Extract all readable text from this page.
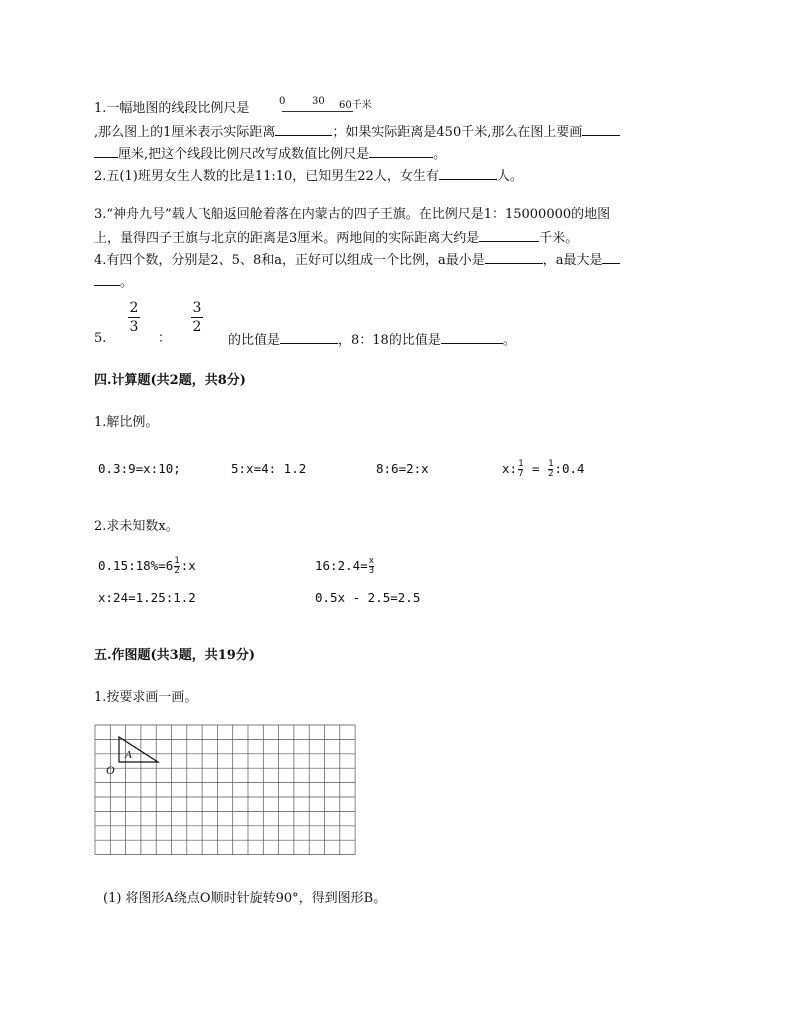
1.一幅地图的线段比例尺是	0	30 60千米
,那么图上的1厘米表示实际距离	；如果实际距离是450千米,那么在图上要画
厘米,把这个线段比例尺改写成数值比例尺是	。
2.五(1)班男女生人数的比是11:10，已知男生22人，女生有	人。
3.“神舟九号”载人飞船返回舱着落在内蒙古的四子王旗。在比例尺是1：15000000的地图
上，量得四子王旗与北京的距离是3厘米。两地间的实际距离大约是	千米。
4.有四个数，分别是2、5、8和a，正好可以组成一个比例，a最小是	，a最大是
。
2
3
3
2
5.	：	的比值是	，8：18的比值是	。
四.计算题(共2题，共8分)
1.解比例。
0.3:9=x:10;	5:x=4: 1.2	8:6=2:x	x: $\frac{1}{7} = \frac{1}{2}$ :0.4
2.求未知数x。
0.15:18%=6 $\frac{1}{2}$ :x	16:2.4= $\frac{x}{3}$
x:24=1.25:1.2	0.5x - 2.5=2.5
五.作图题(共3题，共19分)
1.按要求画一画。
A
O
(1) 将图形A绕点O顺时针旋转90°，得到图形B。
